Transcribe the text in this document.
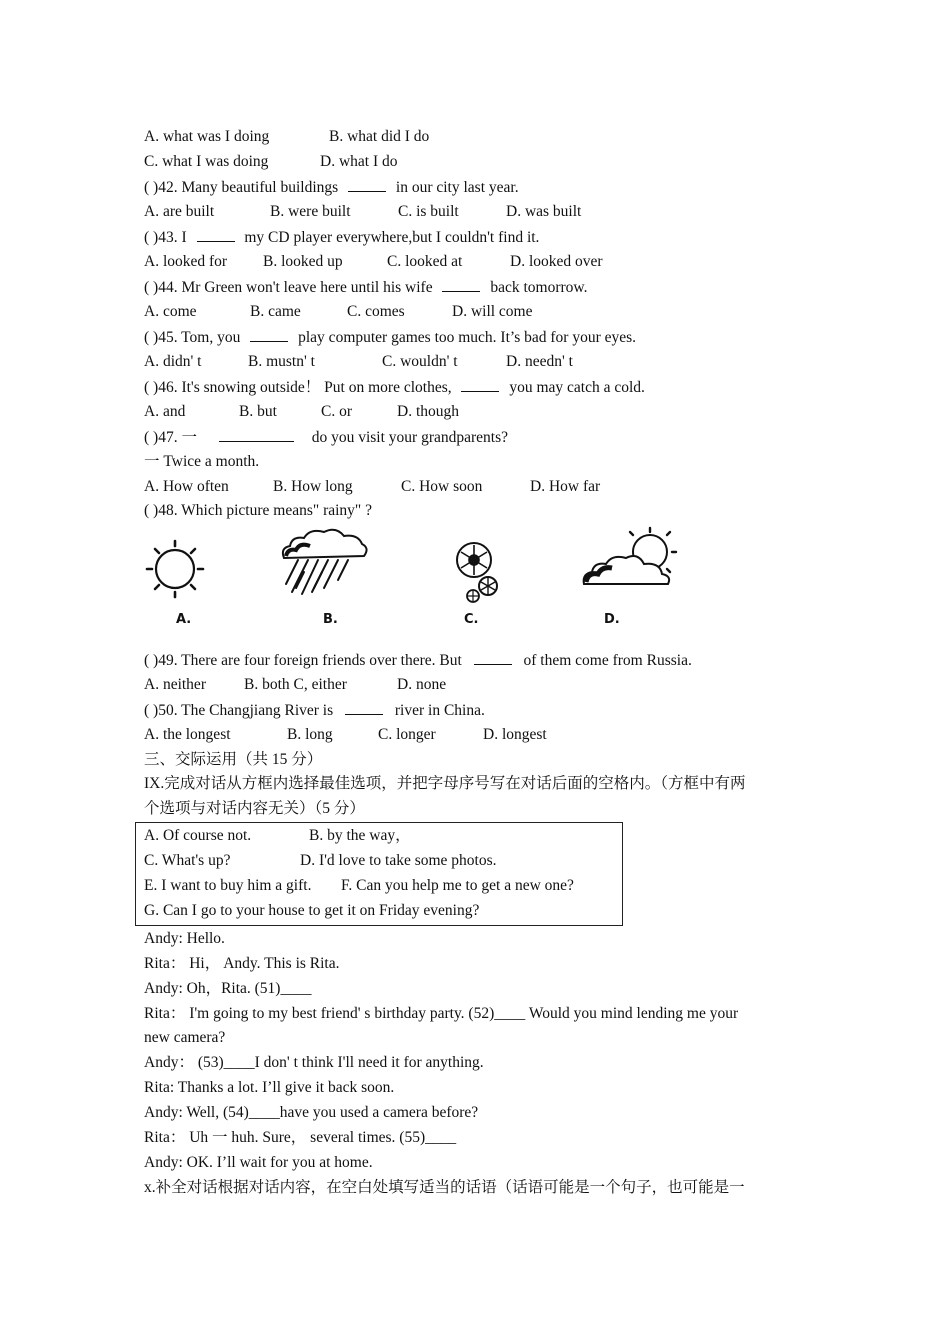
A. what was I doing	B. what did I do
C. what I was doing	D. what I do
( )42. Many beautiful buildings	in our city last year.
A. are built	B. were built	C. is built	D. was built
( )43. I	my CD player everywhere,but I couldn't find it.
A. looked for B. looked up	C. looked at	D. looked over
( )44. Mr Green won't leave here until his wife	back tomorrow.
A. come	B. came	C. comes	D. will come
( )45. Tom, you	play computer games too much. It’s bad for your eyes.
A. didn' t	B. mustn' t	C. wouldn' t	D. needn' t
( )46. It's snowing outside！ Put on more clothes,	you may catch a cold.
A. and	B. but	C. or	D. though
( )47. 一	do you visit your grandparents?
一 Twice a month.
A. How often	B. How long	C. How soon	D. How far
( )48. Which picture means" rainy" ?
A.	B.	C.	D.
( )49. There are four foreign friends over there. But	of them come from Russia.
A. neither B. both C, either	D. none
( )50. The Changjiang River is	river in China.
A. the longest	B. long	C. longer	D. longest
三、交际运用（共 15 分）
IX.完成对话从方框内选择最佳选项，并把字母序号写在对话后面的空格内。（方框中有两
个选项与对话内容无关）（5 分）
A. Of course not.	B. by the way，
C. What's up?	D. I'd love to take some photos.
E. I want to buy him a gift. F. Can you help me to get a new one?
G. Can I go to your house to get it on Friday evening?
Andy: Hello.
Rita： Hi， Andy. This is Rita.
Andy: Oh，Rita. (51)____
Rita： I'm going to my best friend' s birthday party. (52)____ Would you mind lending me your
new camera?
Andy： (53)____I don' t think I'll need it for anything.
Rita: Thanks a lot. I’ll give it back soon.
Andy: Well, (54)____have you used a camera before?
Rita： Uh 一 huh. Sure， several times. (55)____
Andy: OK. I’ll wait for you at home.
x.补全对话根据对话内容，在空白处填写适当的话语（话语可能是一个句子，也可能是一
